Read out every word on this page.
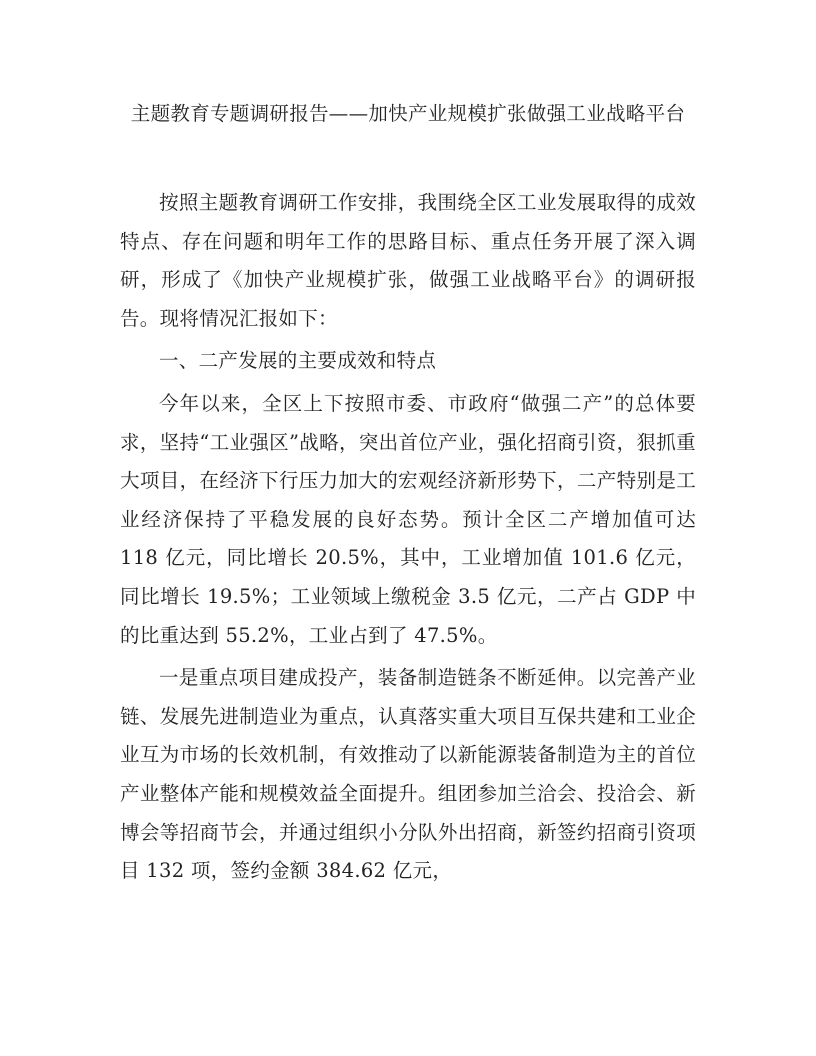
主题教育专题调研报告——加快产业规模扩张做强工业战略平台

按照主题教育调研工作安排，我围绕全区工业发展取得的成效特点、存在问题和明年工作的思路目标、重点任务开展了深入调研，形成了《加快产业规模扩张，做强工业战略平台》的调研报告。现将情况汇报如下：

一、二产发展的主要成效和特点

今年以来，全区上下按照市委、市政府“做强二产”的总体要求，坚持“工业强区”战略，突出首位产业，强化招商引资，狠抓重大项目，在经济下行压力加大的宏观经济新形势下，二产特别是工业经济保持了平稳发展的良好态势。预计全区二产增加值可达 118 亿元，同比增长 20.5%，其中，工业增加值 101.6 亿元，同比增长 19.5%；工业领域上缴税金 3.5 亿元，二产占 GDP 中的比重达到 55.2%，工业占到了 47.5%。

一是重点项目建成投产，装备制造链条不断延伸。以完善产业链、发展先进制造业为重点，认真落实重大项目互保共建和工业企业互为市场的长效机制，有效推动了以新能源装备制造为主的首位产业整体产能和规模效益全面提升。组团参加兰洽会、投洽会、新博会等招商节会，并通过组织小分队外出招商，新签约招商引资项目 132 项，签约金额 384.62 亿元，
